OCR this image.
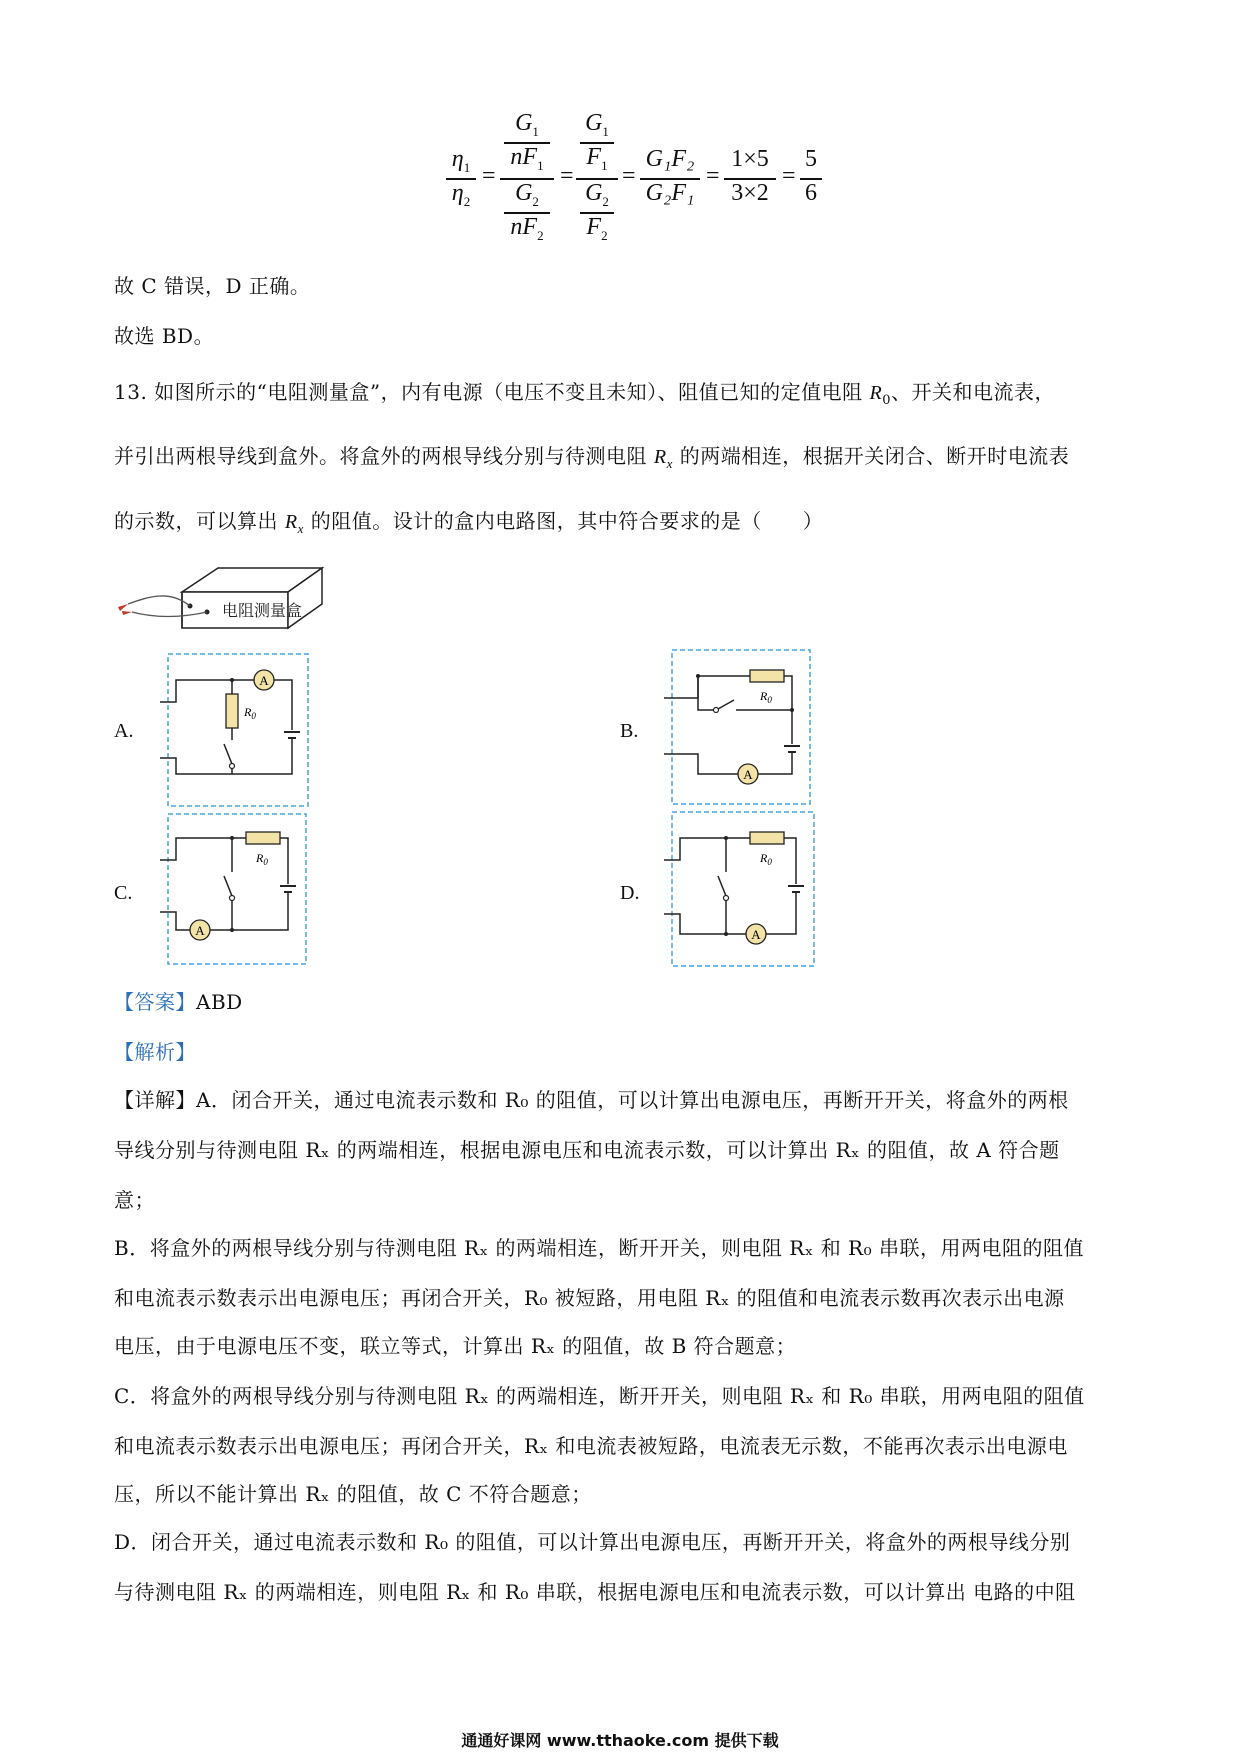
$\eta_1$
$\eta_2$
=
$G_1$
$nF_1$
$G_2$
$nF_2$
=
$G_1$
$F_1$
$G_2$
$F_2$
=
G₁F₂
G₂F₁
=
1×5
3×2
=
5
6
故 C 错误，D 正确。
故选 BD。
13. 如图所示的“电阻测量盒”，内有电源（电压不变且未知）、阻值已知的定值电阻 $R_0$、开关和电流表，
并引出两根导线到盒外。将盒外的两根导线分别与待测电阻 $R_x$ 的两端相连，根据开关闭合、断开时电流表
的示数，可以算出 $R_x$ 的阻值。设计的盒内电路图，其中符合要求的是（　　）
电阻测量盒
A.	B.
C.	D.
A
$R_0$
$R_0$
A
$R_0$
A
$R_0$
A
【答案】ABD
【解析】
【详解】A．闭合开关，通过电流表示数和 R₀ 的阻值，可以计算出电源电压，再断开开关，将盒外的两根
导线分别与待测电阻 Rₓ 的两端相连，根据电源电压和电流表示数，可以计算出 Rₓ 的阻值，故 A 符合题
意；
B．将盒外的两根导线分别与待测电阻 Rₓ 的两端相连，断开开关，则电阻 Rₓ 和 R₀ 串联，用两电阻的阻值
和电流表示数表示出电源电压；再闭合开关，R₀ 被短路，用电阻 Rₓ 的阻值和电流表示数再次表示出电源
电压，由于电源电压不变，联立等式，计算出 Rₓ 的阻值，故 B 符合题意；
C．将盒外的两根导线分别与待测电阻 Rₓ 的两端相连，断开开关，则电阻 Rₓ 和 R₀ 串联，用两电阻的阻值
和电流表示数表示出电源电压；再闭合开关，Rₓ 和电流表被短路，电流表无示数，不能再次表示出电源电
压，所以不能计算出 Rₓ 的阻值，故 C 不符合题意；
D．闭合开关，通过电流表示数和 R₀ 的阻值，可以计算出电源电压，再断开开关，将盒外的两根导线分别
与待测电阻 Rₓ 的两端相连，则电阻 Rₓ 和 R₀ 串联，根据电源电压和电流表示数，可以计算出 电路的中阻
通通好课网 www.tthaoke.com 提供下载
